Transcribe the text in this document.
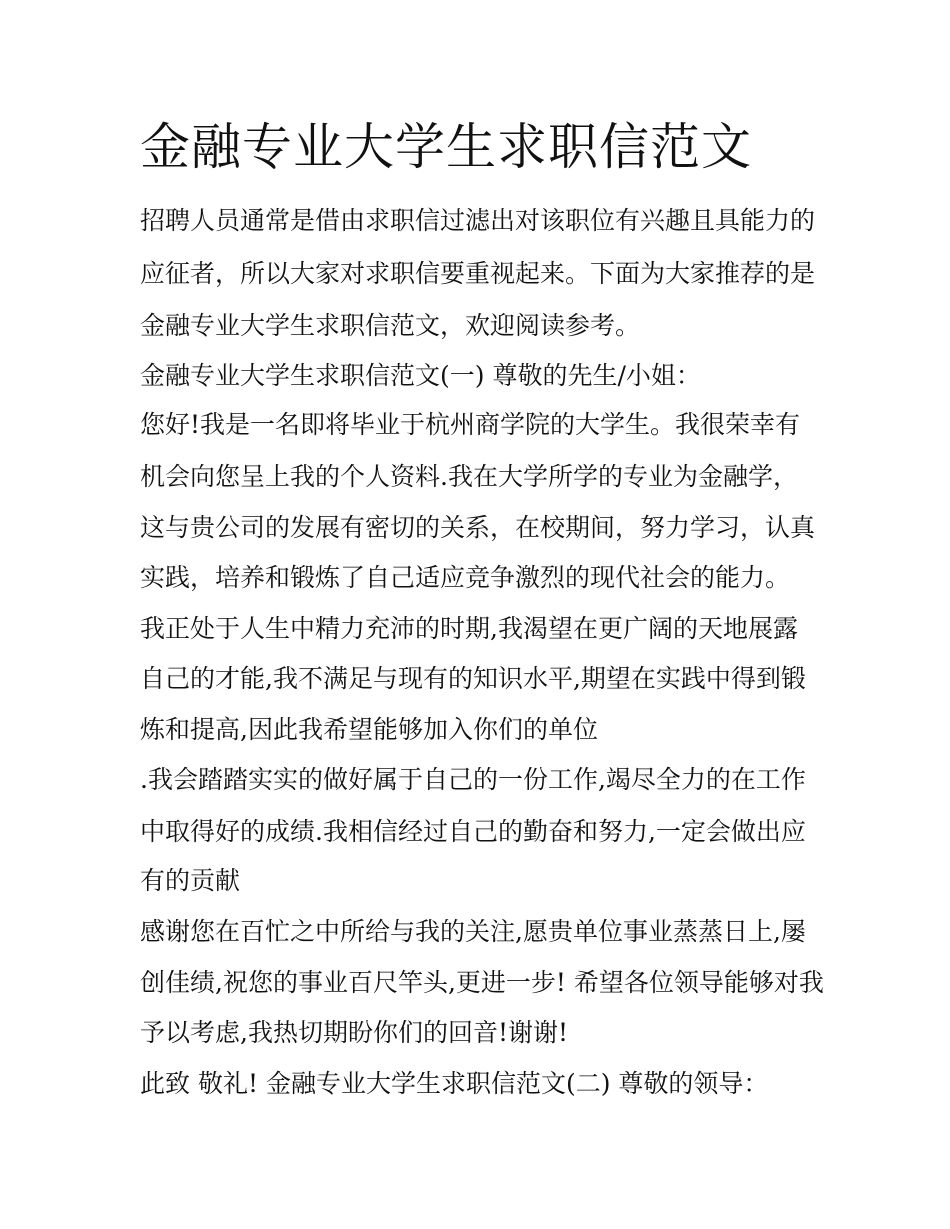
金融专业大学生求职信范文
招聘人员通常是借由求职信过滤出对该职位有兴趣且具能力的
应征者，所以大家对求职信要重视起来。下面为大家推荐的是
金融专业大学生求职信范文，欢迎阅读参考。
金融专业大学生求职信范文(一) 尊敬的先生/小姐：
您好!我是一名即将毕业于杭州商学院的大学生。我很荣幸有
机会向您呈上我的个人资料.我在大学所学的专业为金融学，
这与贵公司的发展有密切的关系，在校期间，努力学习，认真
实践，培养和锻炼了自己适应竞争激烈的现代社会的能力。
我正处于人生中精力充沛的时期,我渴望在更广阔的天地展露
自己的才能,我不满足与现有的知识水平,期望在实践中得到锻
炼和提高,因此我希望能够加入你们的单位
.我会踏踏实实的做好属于自己的一份工作,竭尽全力的在工作
中取得好的成绩.我相信经过自己的勤奋和努力,一定会做出应
有的贡献
感谢您在百忙之中所给与我的关注,愿贵单位事业蒸蒸日上,屡
创佳绩,祝您的事业百尺竿头,更进一步! 希望各位领导能够对我
予以考虑,我热切期盼你们的回音!谢谢!
此致 敬礼! 金融专业大学生求职信范文(二) 尊敬的领导：
